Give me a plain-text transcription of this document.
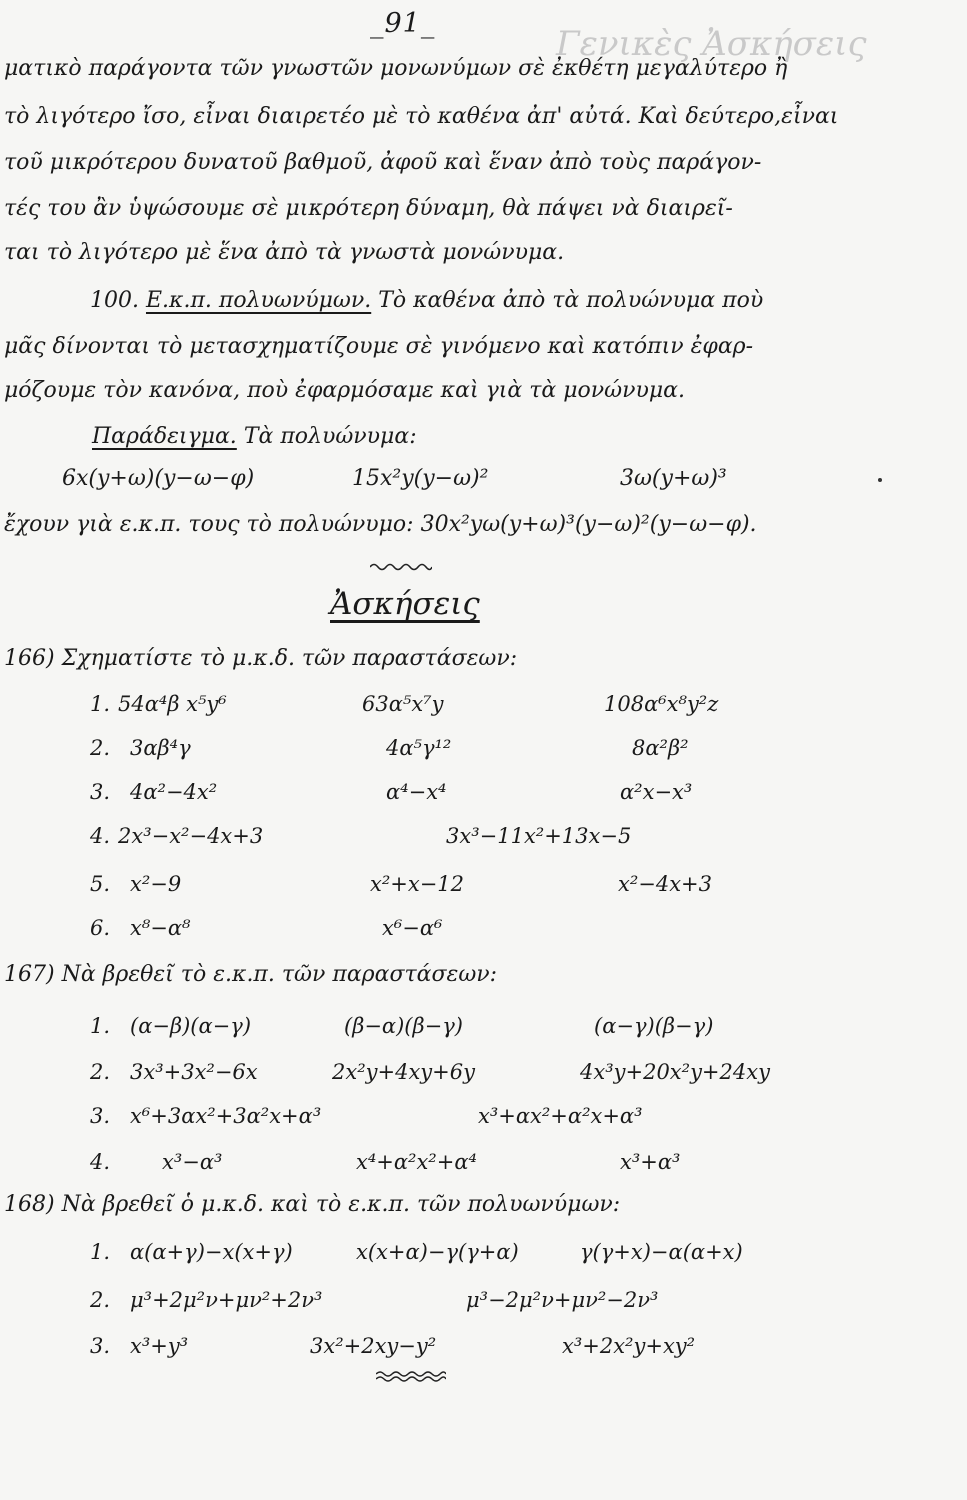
Γενικὲς Ἀσκήσεις
_91_
ματικὸ παράγοντα τῶν γνωστῶν μονωνύμων σὲ ἐκθέτη μεγαλύτερο ἢ
τὸ λιγότερο ἴσο, εἶναι διαιρετέο μὲ τὸ καθένα ἀπ' αὐτά. Καὶ δεύτερο,εἶναι
τοῦ μικρότερου δυνατοῦ βαθμοῦ, ἀφοῦ καὶ ἕναν ἀπὸ τοὺς παράγον-
τές του ἂν ὑψώσουμε σὲ μικρότερη δύναμη, θὰ πάψει νὰ διαιρεῖ-
ται τὸ λιγότερο μὲ ἕνα ἀπὸ τὰ γνωστὰ μονώνυμα.
100. Ε.κ.π. πολυωνύμων. Τὸ καθένα ἀπὸ τὰ πολυώνυμα ποὺ
μᾶς δίνονται τὸ μετασχηματίζουμε σὲ γινόμενο καὶ κατόπιν ἐφαρ-
μόζουμε τὸν κανόνα, ποὺ ἐφαρμόσαμε καὶ γιὰ τὰ μονώνυμα.
Παράδειγμα. Τὰ πολυώνυμα:
6x(y+ω)(y−ω−φ)	15x²y(y−ω)²	3ω(y+ω)³
ἔχουν γιὰ ε.κ.π. τους τὸ πολυώνυμο: 30x²yω(y+ω)³(y−ω)²(y−ω−φ).
Ἀσκήσεις
166) Σχηματίστε τὸ μ.κ.δ. τῶν παραστάσεων:
1. 54α⁴β x⁵y⁶	63α⁵x⁷y	108α⁶x⁸y²z
2. 3αβ⁴γ	4α⁵γ¹²	8α²β²
3. 4α²−4x²	α⁴−x⁴	α²x−x³
4. 2x³−x²−4x+3	3x³−11x²+13x−5
5. x²−9	x²+x−12	x²−4x+3
6. x⁸−α⁸	x⁶−α⁶
167) Νὰ βρεθεῖ τὸ ε.κ.π. τῶν παραστάσεων:
1. (α−β)(α−γ)	(β−α)(β−γ)	(α−γ)(β−γ)
2. 3x³+3x²−6x	2x²y+4xy+6y	4x³y+20x²y+24xy
3. x⁶+3αx²+3α²x+α³	x³+αx²+α²x+α³
4. x³−α³	x⁴+α²x²+α⁴	x³+α³
168) Νὰ βρεθεῖ ὁ μ.κ.δ. καὶ τὸ ε.κ.π. τῶν πολυωνύμων:
1. α(α+γ)−x(x+γ)	x(x+α)−γ(γ+α)	γ(γ+x)−α(α+x)
2. μ³+2μ²ν+μν²+2ν³	μ³−2μ²ν+μν²−2ν³
3. x³+y³	3x²+2xy−y²	x³+2x²y+xy²
